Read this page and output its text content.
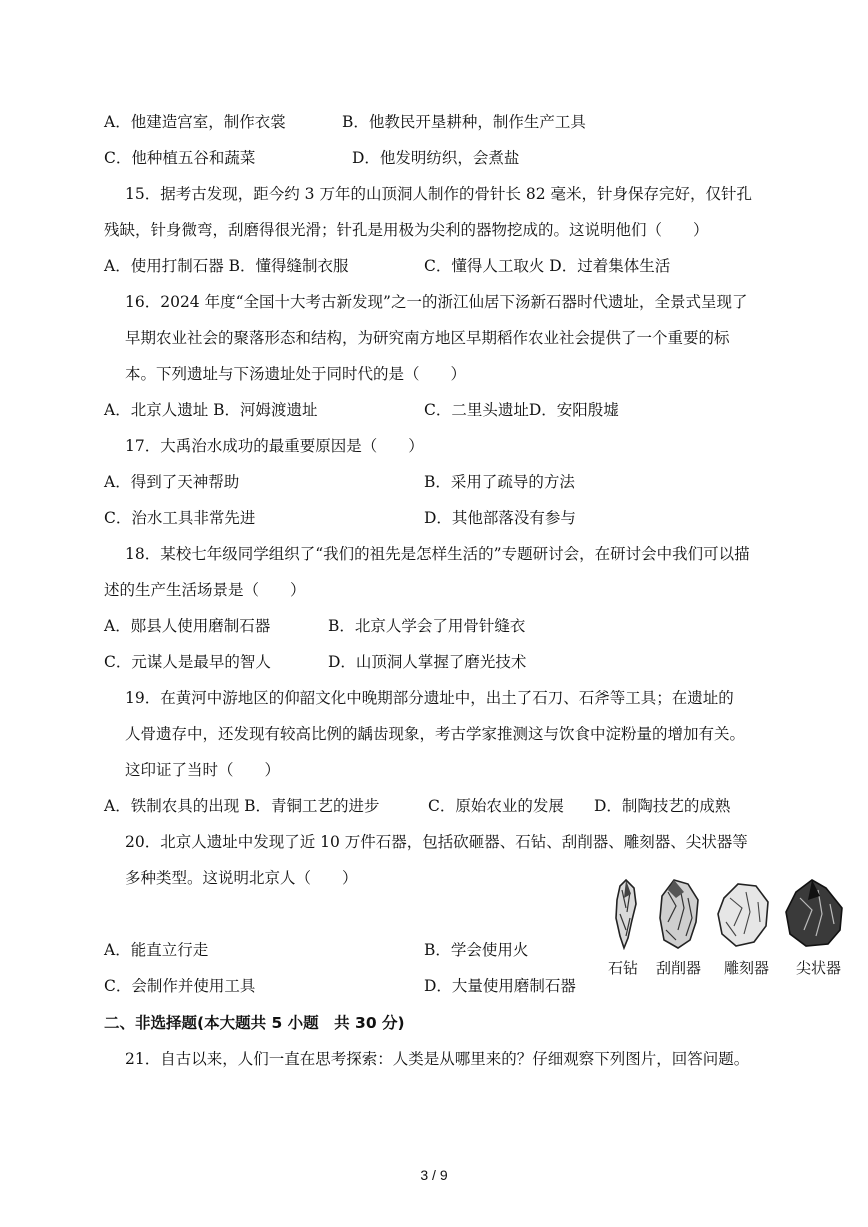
A．他建造宫室，制作衣裳	B．他教民开垦耕种，制作生产工具
C．他种植五谷和蔬菜	D．他发明纺织，会煮盐
15．据考古发现，距今约 3 万年的山顶洞人制作的骨针长 82 毫米，针身保存完好，仅针孔
残缺，针身微弯，刮磨得很光滑；针孔是用极为尖利的器物挖成的。这说明他们（　　）
A．使用打制石器 B．懂得缝制衣服	C．懂得人工取火 D．过着集体生活
16．2024 年度“全国十大考古新发现”之一的浙江仙居下汤新石器时代遗址，全景式呈现了
早期农业社会的聚落形态和结构，为研究南方地区早期稻作农业社会提供了一个重要的标
本。下列遗址与下汤遗址处于同时代的是（　　）
A．北京人遗址 B．河姆渡遗址	C．二里头遗址D．安阳殷墟
17．大禹治水成功的最重要原因是（　　）
A．得到了天神帮助	B．采用了疏导的方法
C．治水工具非常先进	D．其他部落没有参与
18．某校七年级同学组织了“我们的祖先是怎样生活的”专题研讨会，在研讨会中我们可以描
述的生产生活场景是（　　）
A．郧县人使用磨制石器	B．北京人学会了用骨针缝衣
C．元谋人是最早的智人	D．山顶洞人掌握了磨光技术
19．在黄河中游地区的仰韶文化中晚期部分遗址中，出土了石刀、石斧等工具；在遗址的
人骨遗存中，还发现有较高比例的龋齿现象，考古学家推测这与饮食中淀粉量的增加有关。
这印证了当时（　　）
A．铁制农具的出现 B．青铜工艺的进步	C．原始农业的发展 D．制陶技艺的成熟
20．北京人遗址中发现了近 10 万件石器，包括砍砸器、石钻、刮削器、雕刻器、尖状器等
多种类型。这说明北京人（　　）
A．能直立行走	B．学会使用火
C．会制作并使用工具	D．大量使用磨制石器
二、非选择题(本大题共 5 小题　共 30 分)
21．自古以来，人们一直在思考探索：人类是从哪里来的？仔细观察下列图片，回答问题。
石钻 刮削器 雕刻器 尖状器
3 / 9
